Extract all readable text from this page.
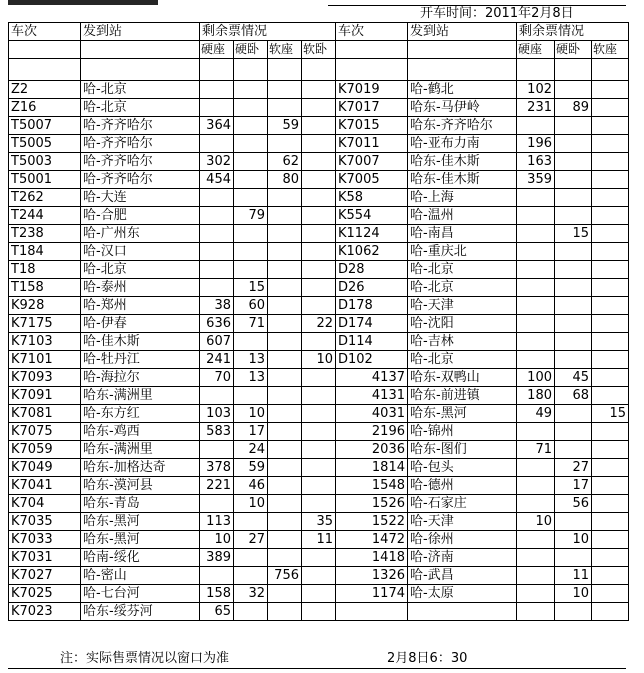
开车时间：2011年2月8日
车次	发到站	剩余票情况				车次	发到站	剩余票情况		
		硬座	硬卧	软座	软卧			硬座	硬卧	软座

Z2	哈-北京					K7019	哈-鹤北	102		
Z16	哈-北京					K7017	哈东-马伊岭	231	89	
T5007	哈-齐齐哈尔	364		59		K7015	哈东-齐齐哈尔			
T5005	哈-齐齐哈尔					K7011	哈-亚布力南	196		
T5003	哈-齐齐哈尔	302		62		K7007	哈东-佳木斯	163		
T5001	哈-齐齐哈尔	454		80		K7005	哈东-佳木斯	359		
T262	哈-大连					K58	哈-上海			
T244	哈-合肥		79			K554	哈-温州			
T238	哈-广州东					K1124	哈-南昌		15	
T184	哈-汉口					K1062	哈-重庆北			
T18	哈-北京					D28	哈-北京			
T158	哈-泰州		15			D26	哈-北京			
K928	哈-郑州	38	60			D178	哈-天津			
K7175	哈-伊春	636	71		22	D174	哈-沈阳			
K7103	哈-佳木斯	607				D114	哈-吉林			
K7101	哈-牡丹江	241	13		10	D102	哈-北京			
K7093	哈-海拉尔	70	13			4137	哈东-双鸭山	100	45	
K7091	哈东-满洲里					4131	哈东-前进镇	180	68	
K7081	哈-东方红	103	10			4031	哈东-黑河	49		15
K7075	哈东-鸡西	583	17			2196	哈-锦州			
K7059	哈东-满洲里		24			2036	哈东-图们	71		
K7049	哈东-加格达奇	378	59			1814	哈-包头		27	
K7041	哈东-漠河县	221	46			1548	哈-德州		17	
K704	哈东-青岛		10			1526	哈-石家庄		56	
K7035	哈东-黑河	113			35	1522	哈-天津	10		
K7033	哈东-黑河	10	27		11	1472	哈-徐州		10	
K7031	哈南-绥化	389				1418	哈-济南			
K7027	哈-密山			756		1326	哈-武昌		11	
K7025	哈-七台河	158	32			1174	哈-太原		10	
K7023	哈东-绥芬河	65								
注：实际售票情况以窗口为准	2月8日6：30
